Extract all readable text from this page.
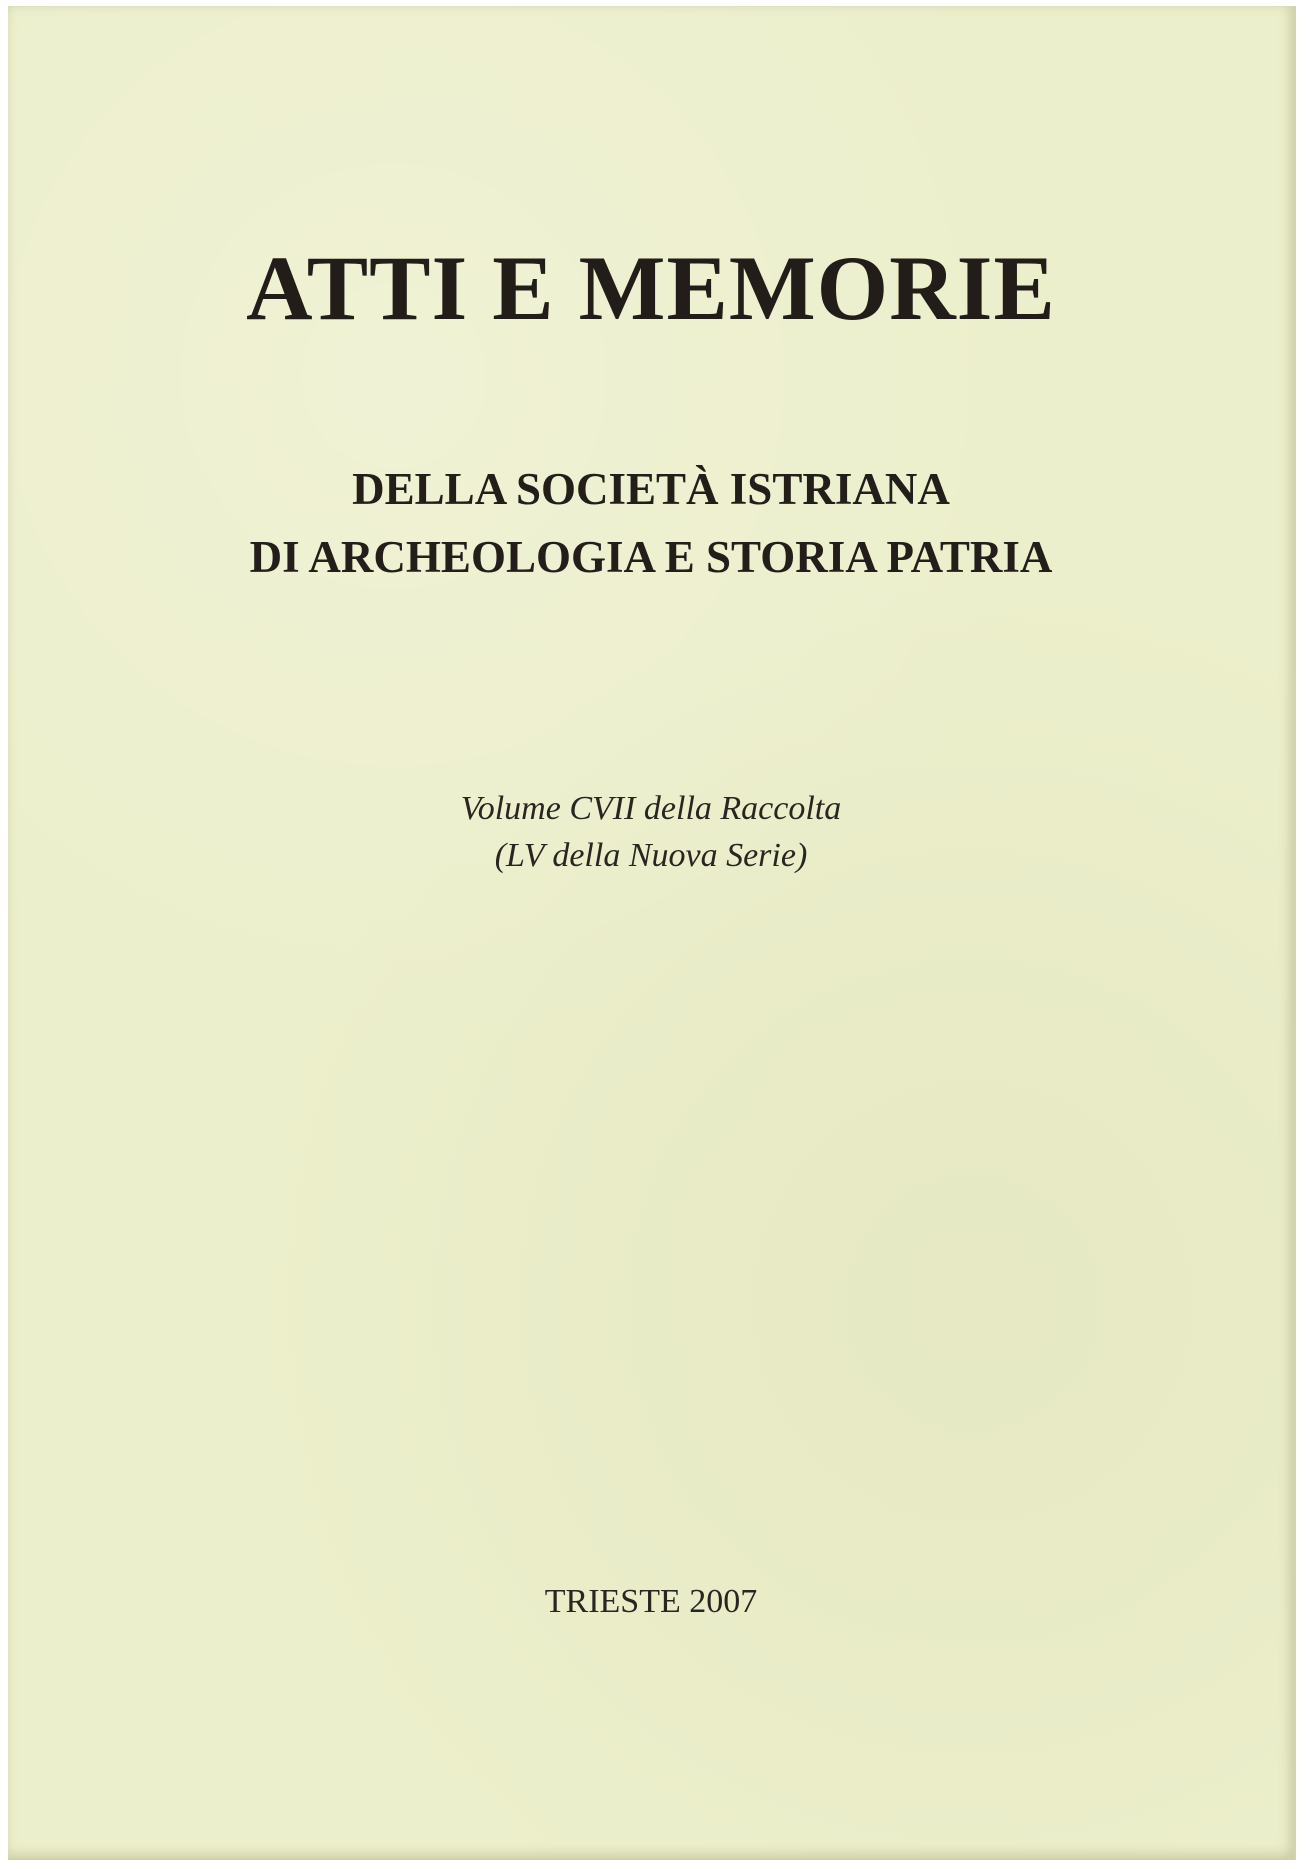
ATTI E MEMORIE
DELLA SOCIETÀ ISTRIANA
DI ARCHEOLOGIA E STORIA PATRIA
Volume CVII della Raccolta
(LV della Nuova Serie)
TRIESTE 2007
